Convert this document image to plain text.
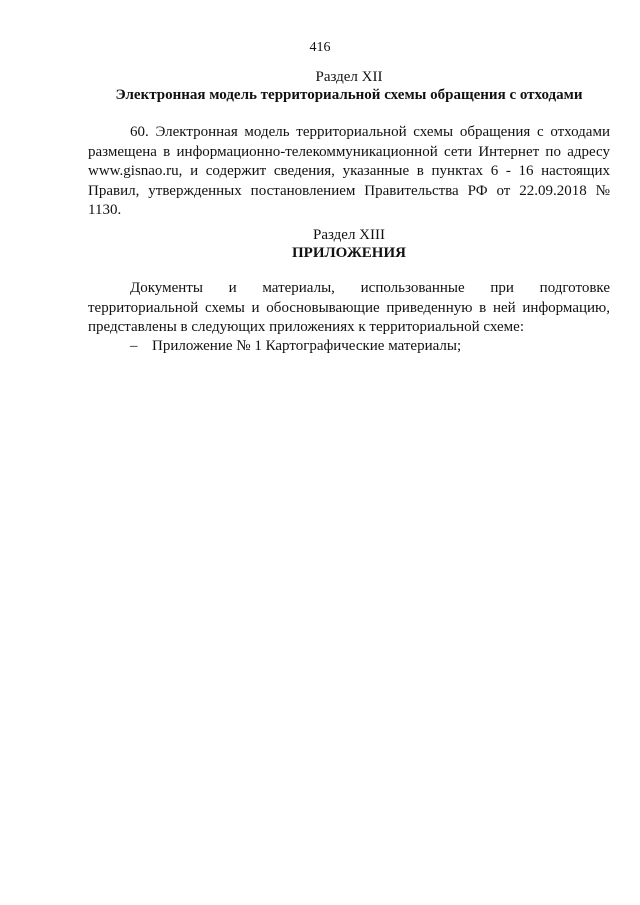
416
Раздел XII
Электронная модель территориальной схемы обращения с отходами
60. Электронная модель территориальной схемы обращения с отходами размещена в информационно-телекоммуникационной сети Интернет по адресу www.gisnao.ru, и содержит сведения, указанные в пунктах 6 - 16 настоящих Правил, утвержденных постановлением Правительства РФ от 22.09.2018 № 1130.
Раздел XIII
ПРИЛОЖЕНИЯ
Документы и материалы, использованные при подготовке территориальной схемы и обосновывающие приведенную в ней информацию, представлены в следующих приложениях к территориальной схеме:
– Приложение № 1 Картографические материалы;
